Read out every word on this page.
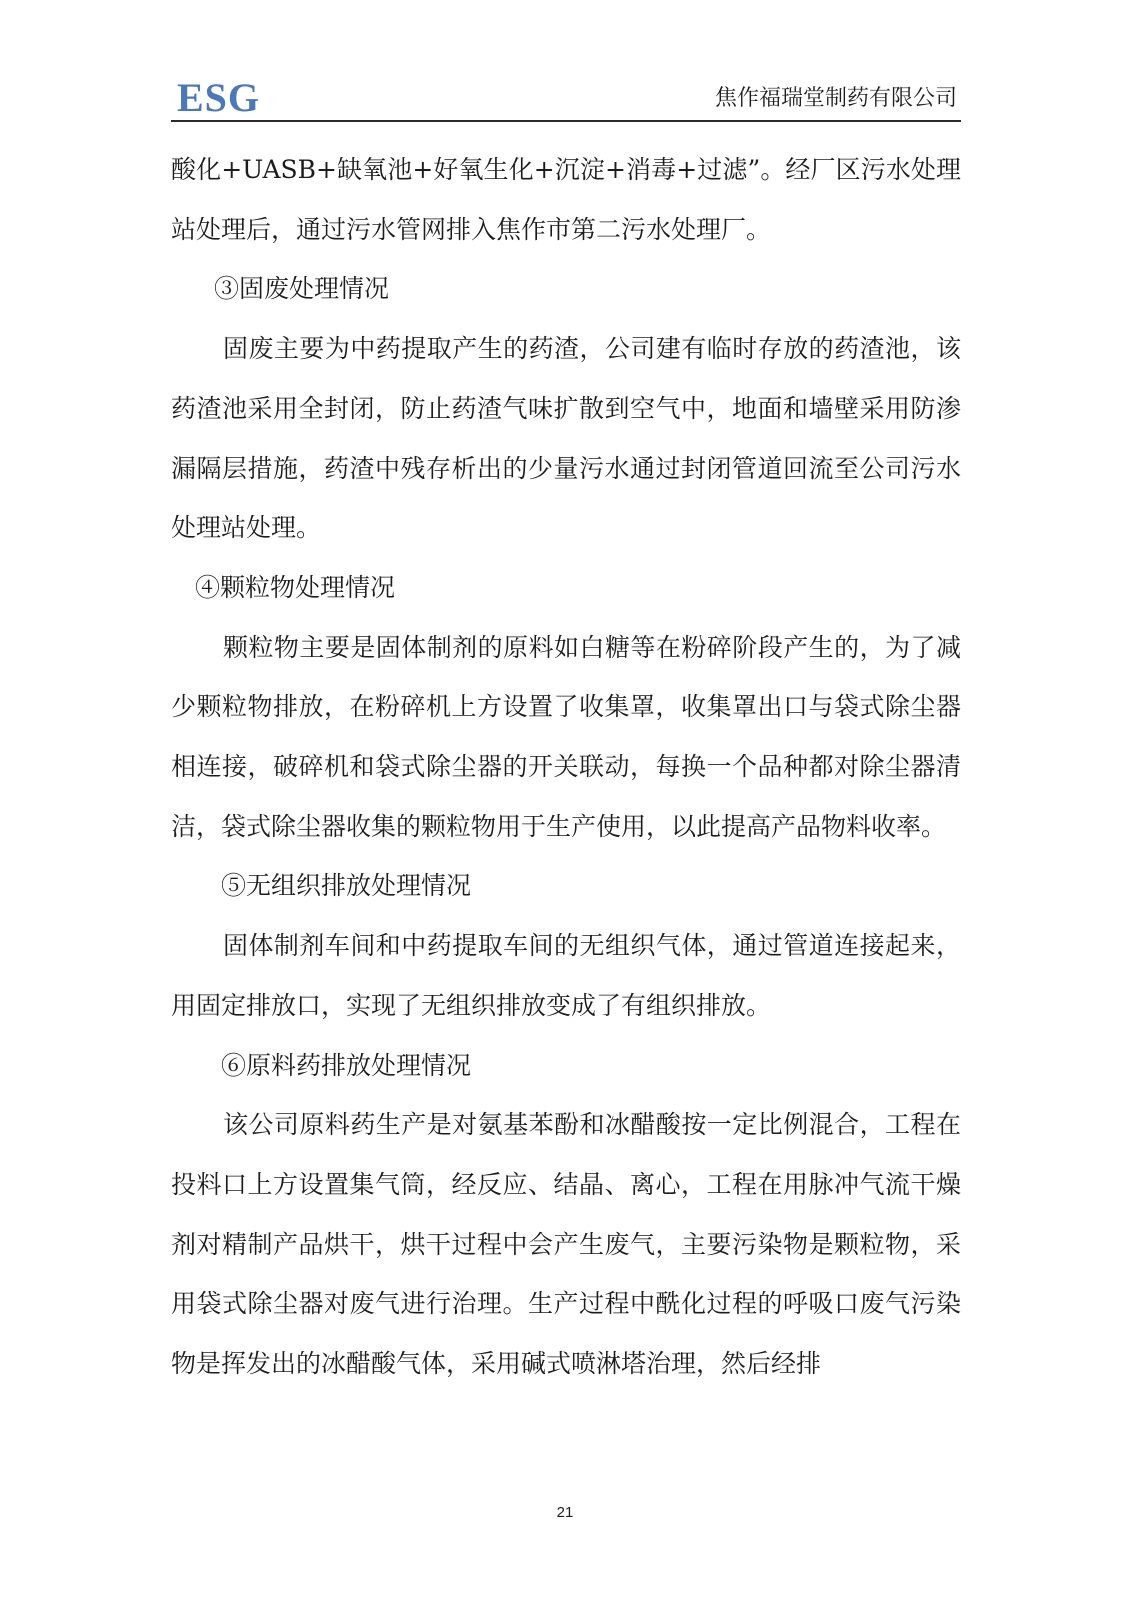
ESG	焦作福瑞堂制药有限公司

酸化+UASB+缺氧池+好氧生化+沉淀+消毒+过滤”。经厂区污水处理站处理后，通过污水管网排入焦作市第二污水处理厂。

③固废处理情况

固废主要为中药提取产生的药渣，公司建有临时存放的药渣池，该药渣池采用全封闭，防止药渣气味扩散到空气中，地面和墙壁采用防渗漏隔层措施，药渣中残存析出的少量污水通过封闭管道回流至公司污水处理站处理。

④颗粒物处理情况

颗粒物主要是固体制剂的原料如白糖等在粉碎阶段产生的，为了减少颗粒物排放，在粉碎机上方设置了收集罩，收集罩出口与袋式除尘器相连接，破碎机和袋式除尘器的开关联动，每换一个品种都对除尘器清洁，袋式除尘器收集的颗粒物用于生产使用，以此提高产品物料收率。

⑤无组织排放处理情况

固体制剂车间和中药提取车间的无组织气体，通过管道连接起来，用固定排放口，实现了无组织排放变成了有组织排放。

⑥原料药排放处理情况

该公司原料药生产是对氨基苯酚和冰醋酸按一定比例混合，工程在投料口上方设置集气筒，经反应、结晶、离心，工程在用脉冲气流干燥剂对精制产品烘干，烘干过程中会产生废气，主要污染物是颗粒物，采用袋式除尘器对废气进行治理。生产过程中酰化过程的呼吸口废气污染物是挥发出的冰醋酸气体，采用碱式喷淋塔治理，然后经排

21
